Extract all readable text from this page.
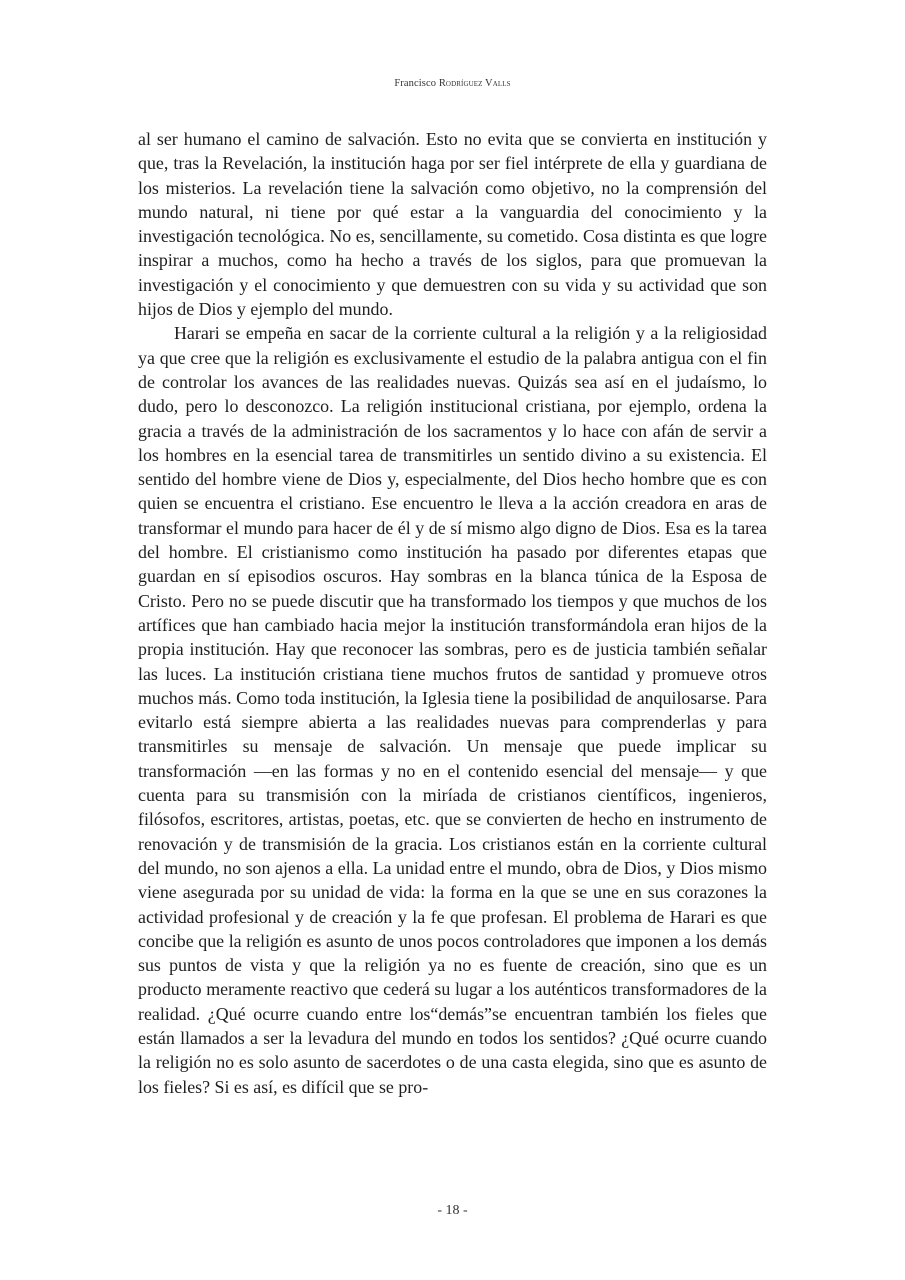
Francisco Rodríguez Valls

al ser humano el camino de salvación. Esto no evita que se convierta en institución y que, tras la Revelación, la institución haga por ser fiel intérprete de ella y guardiana de los misterios. La revelación tiene la salvación como objetivo, no la comprensión del mundo natural, ni tiene por qué estar a la vanguardia del conocimiento y la investigación tecnológica. No es, sencillamente, su cometido. Cosa distinta es que logre inspirar a muchos, como ha hecho a través de los siglos, para que promuevan la investigación y el conocimiento y que demuestren con su vida y su actividad que son hijos de Dios y ejemplo del mundo.

Harari se empeña en sacar de la corriente cultural a la religión y a la religiosidad ya que cree que la religión es exclusivamente el estudio de la palabra antigua con el fin de controlar los avances de las realidades nuevas. Quizás sea así en el judaísmo, lo dudo, pero lo desconozco. La religión institucional cristiana, por ejemplo, ordena la gracia a través de la administración de los sacramentos y lo hace con afán de servir a los hombres en la esencial tarea de transmitirles un sentido divino a su existencia. El sentido del hombre viene de Dios y, especialmente, del Dios hecho hombre que es con quien se encuentra el cristiano. Ese encuentro le lleva a la acción creadora en aras de transformar el mundo para hacer de él y de sí mismo algo digno de Dios. Esa es la tarea del hombre. El cristianismo como institución ha pasado por diferentes etapas que guardan en sí episodios oscuros. Hay sombras en la blanca túnica de la Esposa de Cristo. Pero no se puede discutir que ha transformado los tiempos y que muchos de los artífices que han cambiado hacia mejor la institución transformándola eran hijos de la propia institución. Hay que reconocer las sombras, pero es de justicia también señalar las luces. La institución cristiana tiene muchos frutos de santidad y promueve otros muchos más. Como toda institución, la Iglesia tiene la posibilidad de anquilosarse. Para evitarlo está siempre abierta a las realidades nuevas para comprenderlas y para transmitirles su mensaje de salvación. Un mensaje que puede implicar su transformación —en las formas y no en el contenido esencial del mensaje— y que cuenta para su transmisión con la miríada de cristianos científicos, ingenieros, filósofos, escritores, artistas, poetas, etc. que se convierten de hecho en instrumento de renovación y de transmisión de la gracia. Los cristianos están en la corriente cultural del mundo, no son ajenos a ella. La unidad entre el mundo, obra de Dios, y Dios mismo viene asegurada por su unidad de vida: la forma en la que se une en sus corazones la actividad profesional y de creación y la fe que profesan. El problema de Harari es que concibe que la religión es asunto de unos pocos controladores que imponen a los demás sus puntos de vista y que la religión ya no es fuente de creación, sino que es un producto meramente reactivo que cederá su lugar a los auténticos transformadores de la realidad. ¿Qué ocurre cuando entre los“demás”se encuentran también los fieles que están llamados a ser la levadura del mundo en todos los sentidos? ¿Qué ocurre cuando la religión no es solo asunto de sacerdotes o de una casta elegida, sino que es asunto de los fieles? Si es así, es difícil que se pro-

- 18 -
